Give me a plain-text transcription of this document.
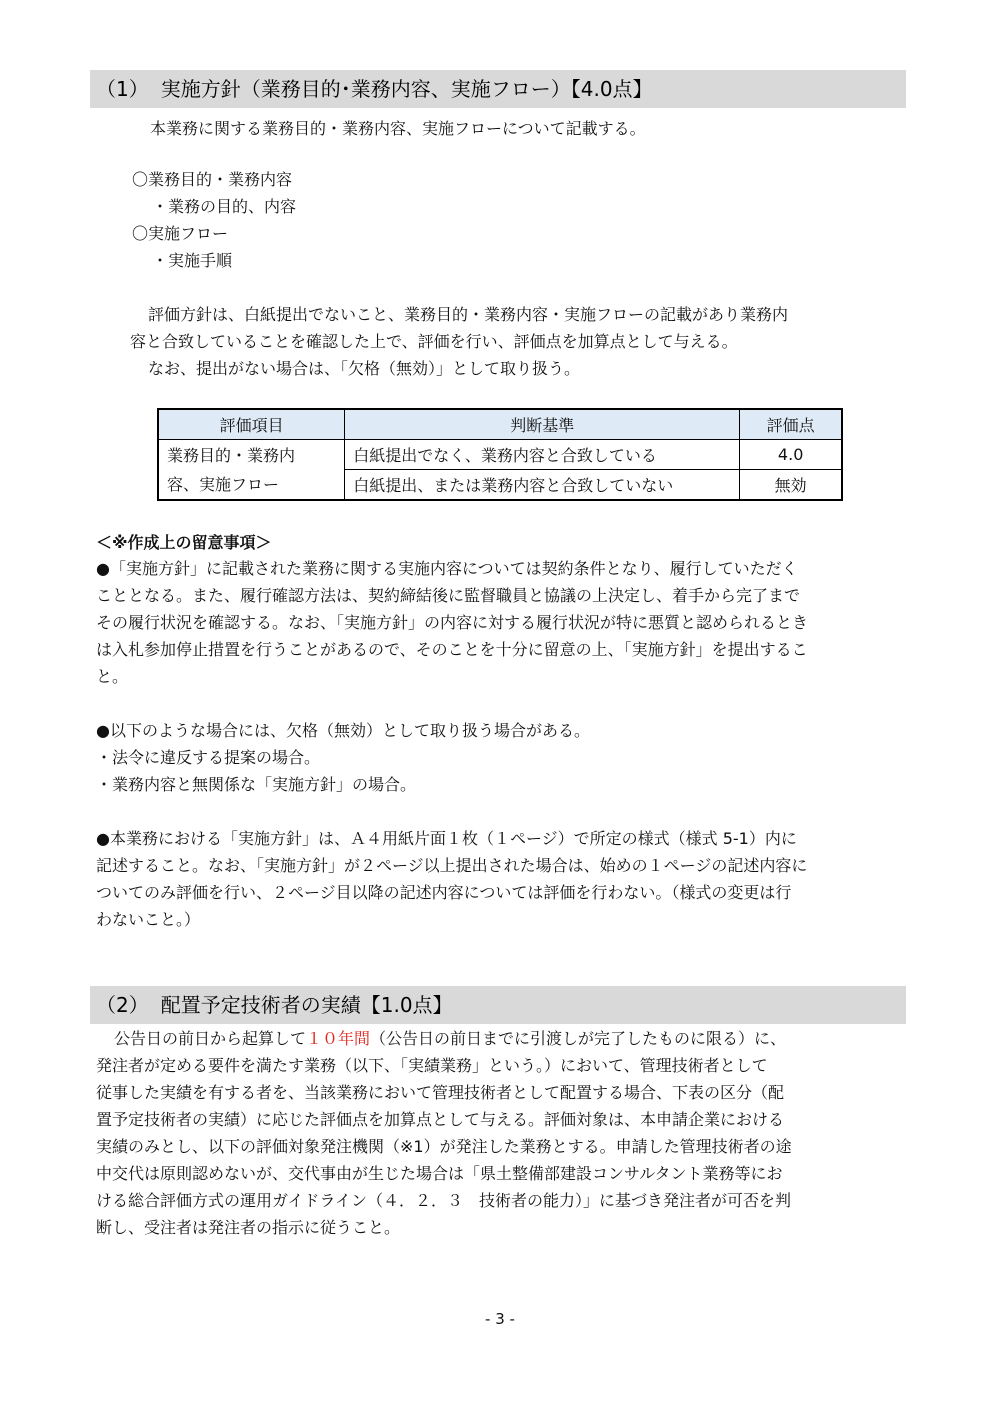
（1） 実施方針（業務目的･業務内容、実施フロー）【4.0点】
本業務に関する業務目的・業務内容、実施フローについて記載する。
〇業務目的・業務内容
・業務の目的、内容
〇実施フロー
・実施手順
評価方針は、白紙提出でないこと、業務目的・業務内容・実施フローの記載があり業務内
容と合致していることを確認した上で、評価を行い、評価点を加算点として与える。
なお、提出がない場合は、「欠格（無効）」として取り扱う。
評価項目	判断基準	評価点

業務目的・業務内
容、実施フロー	白紙提出でなく、業務内容と合致している	4.0
	白紙提出、または業務内容と合致していない	無効
＜※作成上の留意事項＞
●「実施方針」に記載された業務に関する実施内容については契約条件となり、履行していただく
こととなる。また、履行確認方法は、契約締結後に監督職員と協議の上決定し、着手から完了まで
その履行状況を確認する。なお、「実施方針」の内容に対する履行状況が特に悪質と認められるとき
は入札参加停止措置を行うことがあるので、そのことを十分に留意の上、「実施方針」を提出するこ
と。
●以下のような場合には、欠格（無効）として取り扱う場合がある。
・法令に違反する提案の場合。
・業務内容と無関係な「実施方針」の場合。
●本業務における「実施方針」は、Ａ４用紙片面１枚（１ページ）で所定の様式（様式 5-1）内に
記述すること。なお、「実施方針」が２ページ以上提出された場合は、始めの１ページの記述内容に
ついてのみ評価を行い、２ページ目以降の記述内容については評価を行わない。（様式の変更は行
わないこと。）
（2） 配置予定技術者の実績【1.0点】
公告日の前日から起算して１０年間（公告日の前日までに引渡しが完了したものに限る）に、
発注者が定める要件を満たす業務（以下、「実績業務」という。）において、管理技術者として
従事した実績を有する者を、当該業務において管理技術者として配置する場合、下表の区分（配
置予定技術者の実績）に応じた評価点を加算点として与える。評価対象は、本申請企業における
実績のみとし、以下の評価対象発注機関（※1）が発注した業務とする。申請した管理技術者の途
中交代は原則認めないが、交代事由が生じた場合は「県土整備部建設コンサルタント業務等にお
ける総合評価方式の運用ガイドライン（４．２．３　技術者の能力）」に基づき発注者が可否を判
断し、受注者は発注者の指示に従うこと。
- 3 -
